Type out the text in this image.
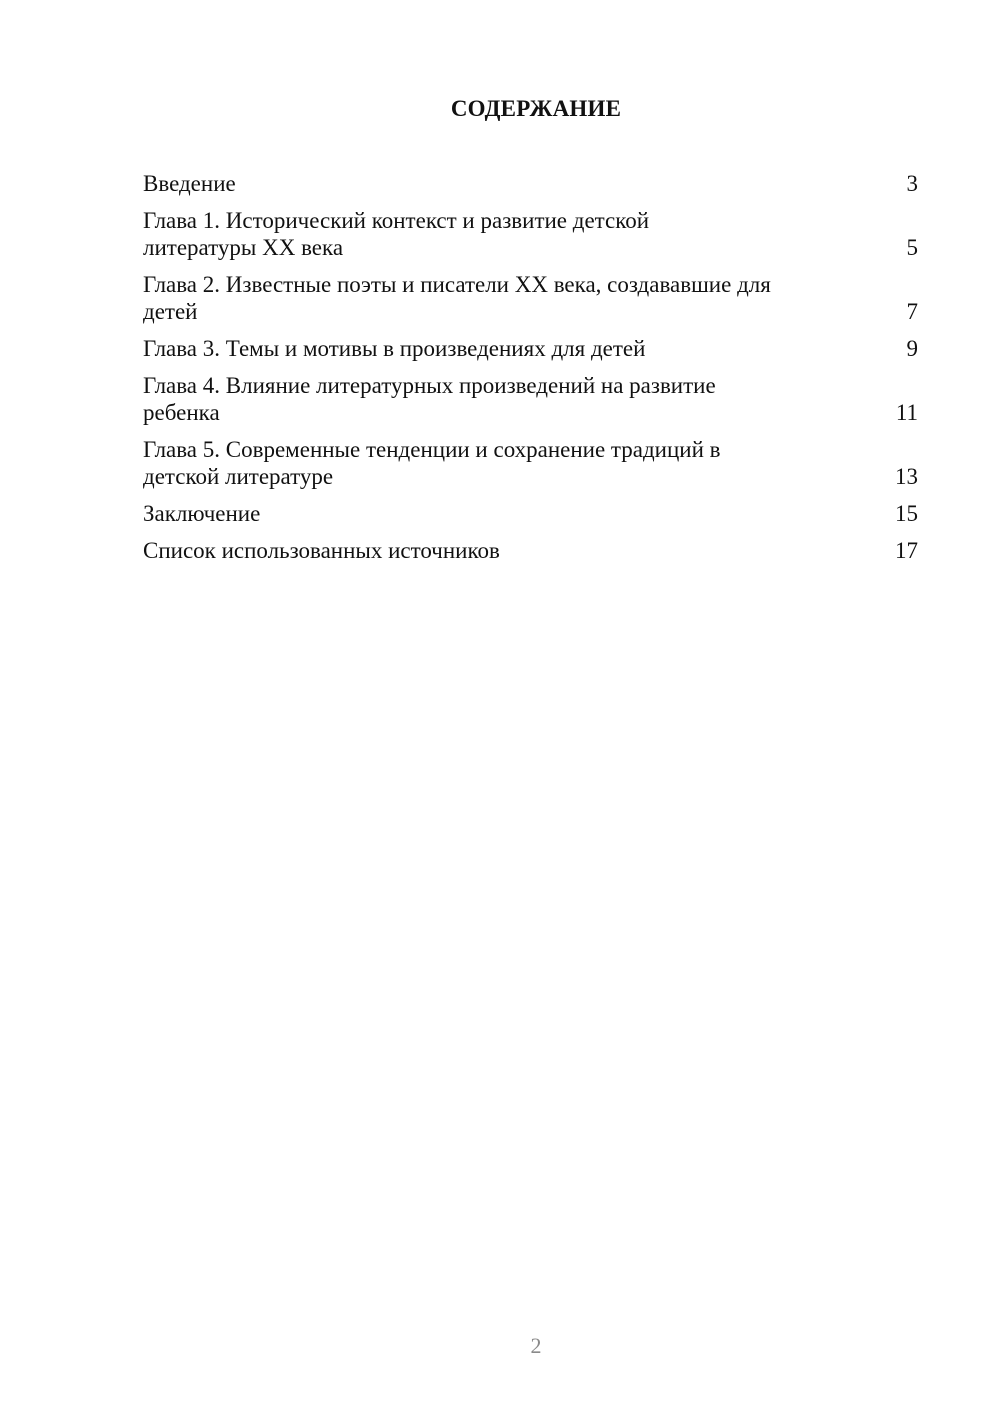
СОДЕРЖАНИЕ
Введение	3
Глава 1. Исторический контекст и развитие детской
литературы XX века	5
Глава 2. Известные поэты и писатели XX века, создававшие для
детей	7
Глава 3. Темы и мотивы в произведениях для детей	9
Глава 4. Влияние литературных произведений на развитие
ребенка	11
Глава 5. Современные тенденции и сохранение традиций в
детской литературе	13
Заключение	15
Список использованных источников	17
2
